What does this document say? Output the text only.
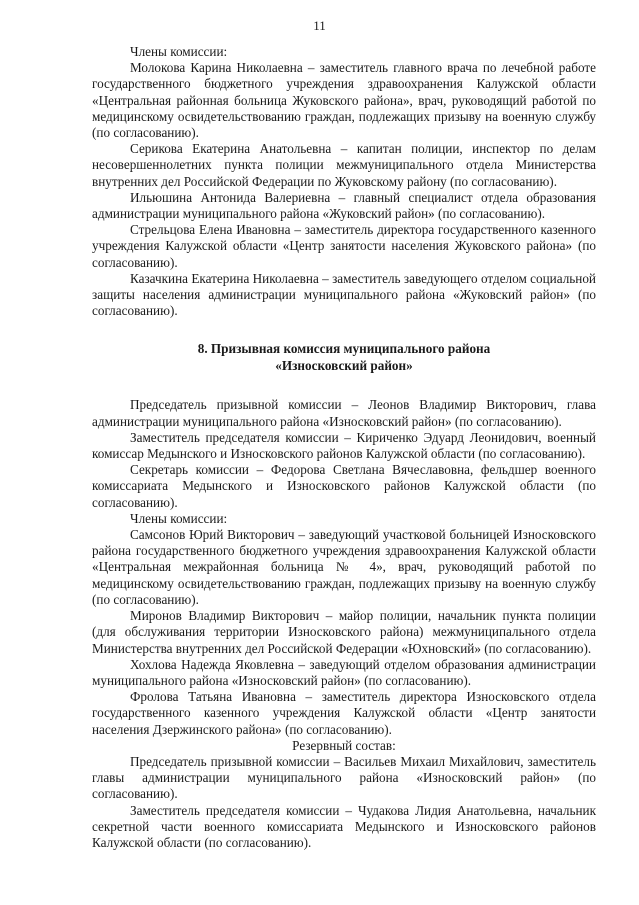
11

Члены комиссии:

Молокова Карина Николаевна – заместитель главного врача по лечебной работе государственного бюджетного учреждения здравоохранения Калужской области «Центральная районная больница Жуковского района», врач, руководящий работой по медицинскому освидетельствованию граждан, подлежащих призыву на военную службу (по согласованию).

Серикова Екатерина Анатольевна – капитан полиции, инспектор по делам несовершеннолетних пункта полиции межмуниципального отдела Министерства внутренних дел Российской Федерации по Жуковскому району (по согласованию).

Ильюшина Антонида Валериевна – главный специалист отдела образования администрации муниципального района «Жуковский район» (по согласованию).

Стрельцова Елена Ивановна – заместитель директора государственного казенного учреждения Калужской области «Центр занятости населения Жуковского района» (по согласованию).

Казачкина Екатерина Николаевна – заместитель заведующего отделом социальной защиты населения администрации муниципального района «Жуковский район» (по согласованию).

8. Призывная комиссия муниципального района
«Износковский район»

Председатель призывной комиссии – Леонов Владимир Викторович, глава администрации муниципального района «Износковский район» (по согласованию).

Заместитель председателя комиссии – Кириченко Эдуард Леонидович, военный комиссар Медынского и Износковского районов Калужской области (по согласованию).

Секретарь комиссии – Федорова Светлана Вячеславовна, фельдшер военного комиссариата Медынского и Износковского районов Калужской области (по согласованию).

Члены комиссии:

Самсонов Юрий Викторович – заведующий участковой больницей Износковского района государственного бюджетного учреждения здравоохранения Калужской области «Центральная межрайонная больница № 4», врач, руководящий работой по медицинскому освидетельствованию граждан, подлежащих призыву на военную службу (по согласованию).

Миронов Владимир Викторович – майор полиции, начальник пункта полиции (для обслуживания территории Износковского района) межмуниципального отдела Министерства внутренних дел Российской Федерации «Юхновский» (по согласованию).

Хохлова Надежда Яковлевна – заведующий отделом образования администрации муниципального района «Износковский район» (по согласованию).

Фролова Татьяна Ивановна – заместитель директора Износковского отдела государственного казенного учреждения Калужской области «Центр занятости населения Дзержинского района» (по согласованию).

Резервный состав:

Председатель призывной комиссии – Васильев Михаил Михайлович, заместитель главы администрации муниципального района «Износковский район» (по согласованию).

Заместитель председателя комиссии – Чудакова Лидия Анатольевна, начальник секретной части военного комиссариата Медынского и Износковского районов Калужской области (по согласованию).
